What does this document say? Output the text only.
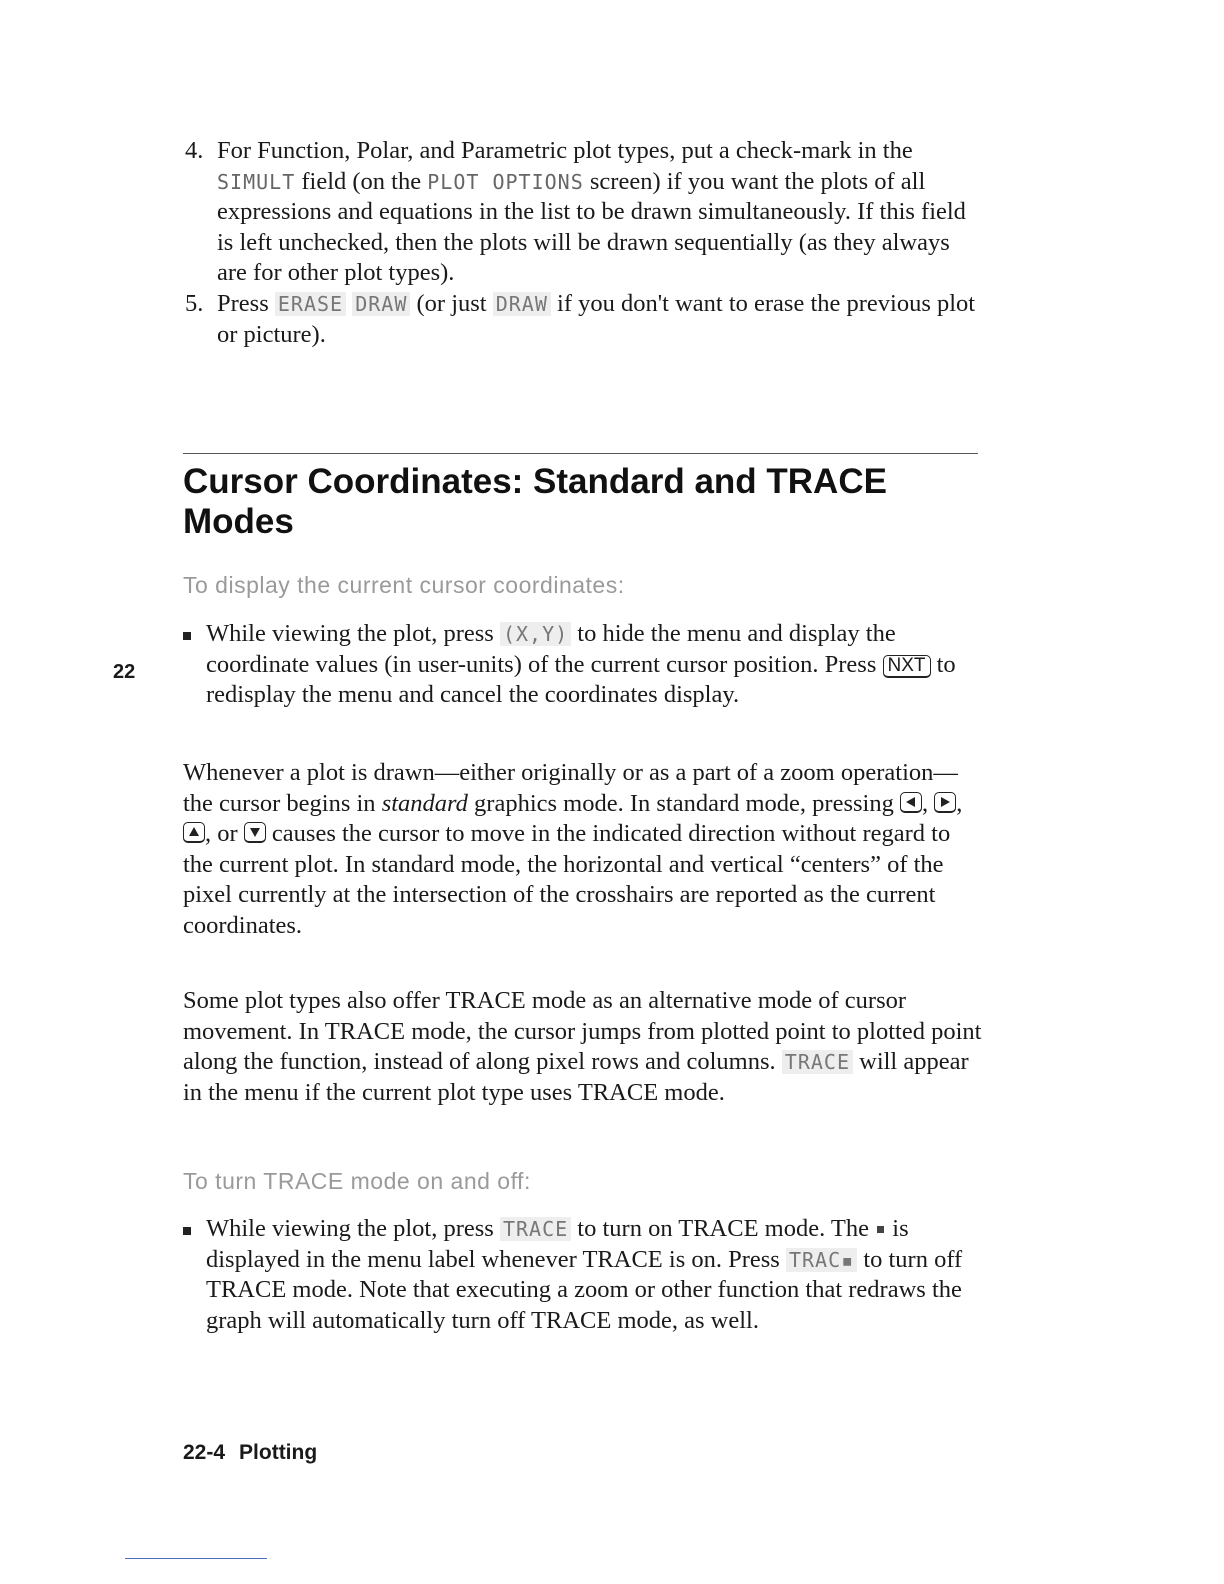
4. For Function, Polar, and Parametric plot types, put a check-mark in the SIMULT field (on the PLOT OPTIONS screen) if you want the plots of all expressions and equations in the list to be drawn simultaneously. If this field is left unchecked, then the plots will be drawn sequentially (as they always are for other plot types).
5. Press ERASE DRAW (or just DRAW if you don't want to erase the previous plot or picture).
Cursor Coordinates: Standard and TRACE Modes
To display the current cursor coordinates:
While viewing the plot, press (X,Y) to hide the menu and display the coordinate values (in user-units) of the current cursor position. Press NXT to redisplay the menu and cancel the coordinates display.
22
Whenever a plot is drawn—either originally or as a part of a zoom operation—the cursor begins in standard graphics mode. In standard mode, pressing , , , or  causes the cursor to move in the indicated direction without regard to the current plot. In standard mode, the horizontal and vertical “centers” of the pixel currently at the intersection of the crosshairs are reported as the current coordinates.
Some plot types also offer TRACE mode as an alternative mode of cursor movement. In TRACE mode, the cursor jumps from plotted point to plotted point along the function, instead of along pixel rows and columns. TRACE will appear in the menu if the current plot type uses TRACE mode.
To turn TRACE mode on and off:
While viewing the plot, press TRACE to turn on TRACE mode. The  is displayed in the menu label whenever TRACE is on. Press TRAC▪ to turn off TRACE mode. Note that executing a zoom or other function that redraws the graph will automatically turn off TRACE mode, as well.
22-4 Plotting
